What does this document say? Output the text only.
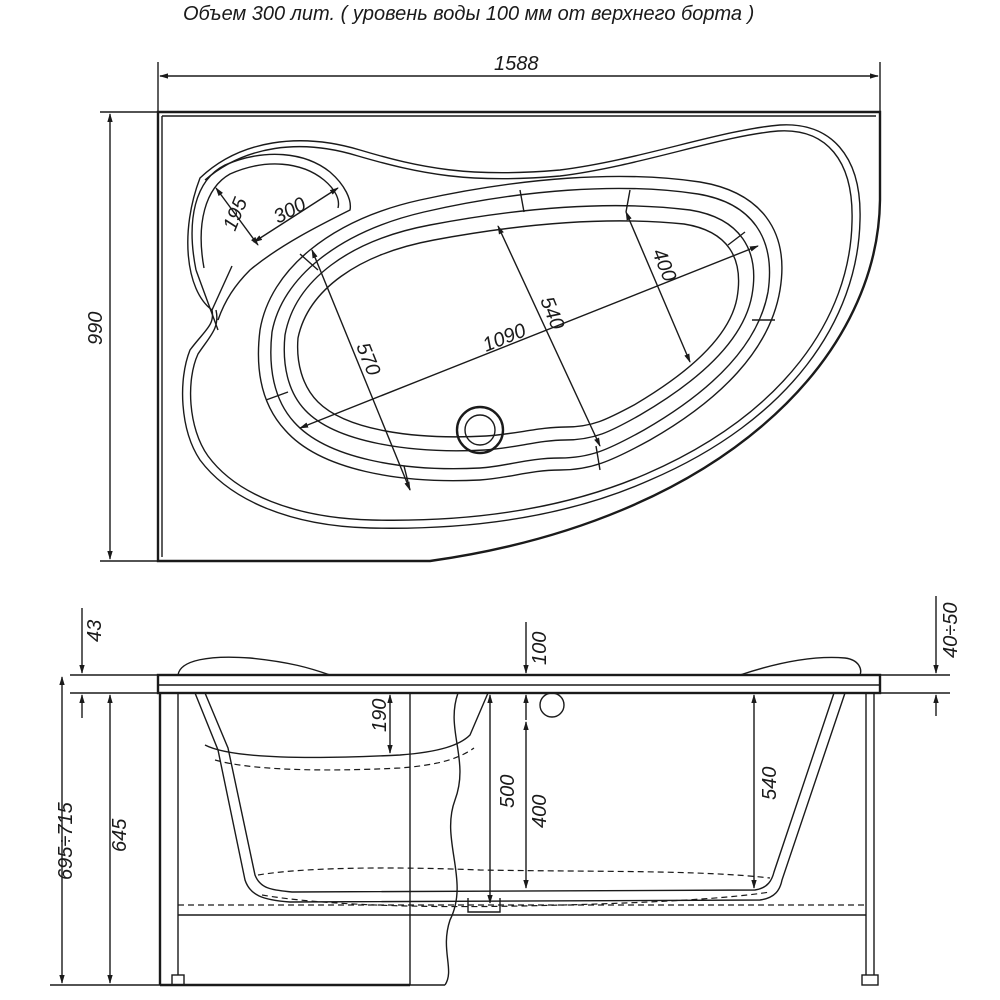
Объем 300 лит. ( уровень воды 100 мм от верхнего борта )
1588
990
195 300
1090
540
400
570
43
695÷715 645
190
500
100
400
540
40÷50
